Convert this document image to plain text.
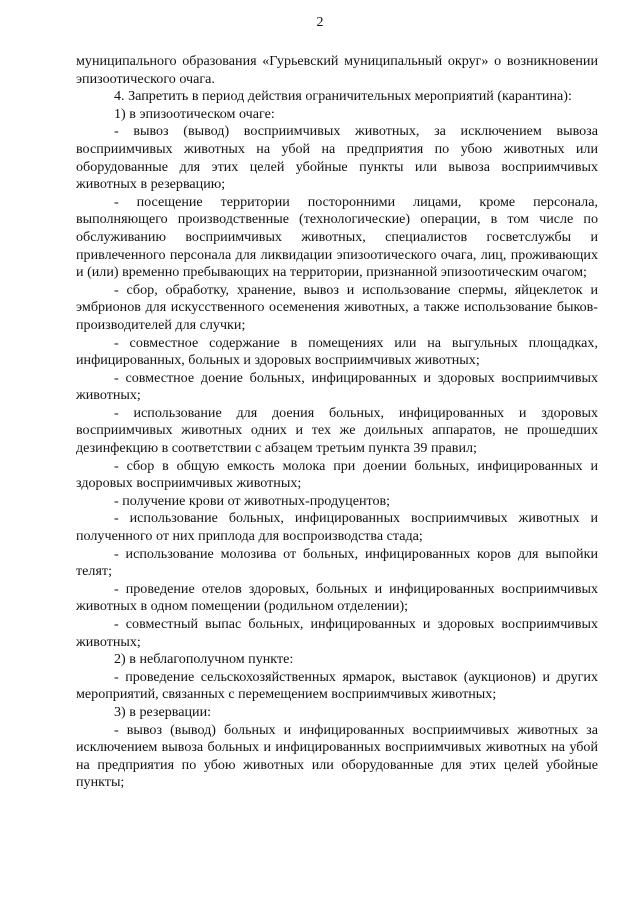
2

муниципального образования «Гурьевский муниципальный округ» о возникновении эпизоотического очага.

4. Запретить в период действия ограничительных мероприятий (карантина):

1) в эпизоотическом очаге:

- вывоз (вывод) восприимчивых животных, за исключением вывоза восприимчивых животных на убой на предприятия по убою животных или оборудованные для этих целей убойные пункты или вывоза восприимчивых животных в резервацию;

- посещение территории посторонними лицами, кроме персонала, выполняющего производственные (технологические) операции, в том числе по обслуживанию восприимчивых животных, специалистов госветслужбы и привлеченного персонала для ликвидации эпизоотического очага, лиц, проживающих и (или) временно пребывающих на территории, признанной эпизоотическим очагом;

- сбор, обработку, хранение, вывоз и использование спермы, яйцеклеток и эмбрионов для искусственного осеменения животных, а также использование быков-производителей для случки;

- совместное содержание в помещениях или на выгульных площадках, инфицированных, больных и здоровых восприимчивых животных;

- совместное доение больных, инфицированных и здоровых восприимчивых животных;

- использование для доения больных, инфицированных и здоровых восприимчивых животных одних и тех же доильных аппаратов, не прошедших дезинфекцию в соответствии с абзацем третьим пункта 39 правил;

- сбор в общую емкость молока при доении больных, инфицированных и здоровых восприимчивых животных;

- получение крови от животных-продуцентов;

- использование больных, инфицированных восприимчивых животных и полученного от них приплода для воспроизводства стада;

- использование молозива от больных, инфицированных коров для выпойки телят;

- проведение отелов здоровых, больных и инфицированных восприимчивых животных в одном помещении (родильном отделении);

- совместный выпас больных, инфицированных и здоровых восприимчивых животных;

2) в неблагополучном пункте:

- проведение сельскохозяйственных ярмарок, выставок (аукционов) и других мероприятий, связанных с перемещением восприимчивых животных;

3) в резервации:

- вывоз (вывод) больных и инфицированных восприимчивых животных за исключением вывоза больных и инфицированных восприимчивых животных на убой на предприятия по убою животных или оборудованные для этих целей убойные пункты;
